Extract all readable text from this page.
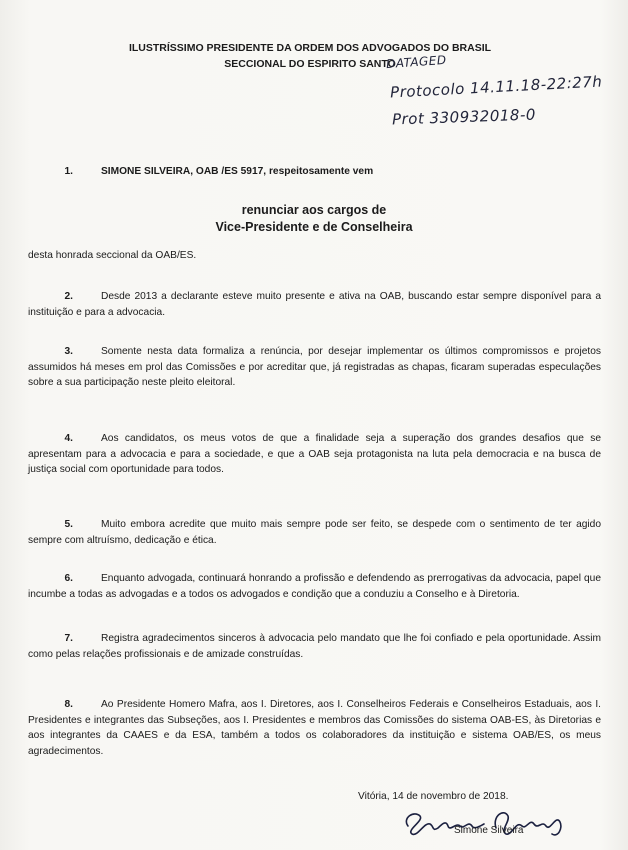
ILUSTRÍSSIMO PRESIDENTE DA ORDEM DOS ADVOGADOS DO BRASIL
SECCIONAL DO ESPIRITO SANTO
DATAGED
Protocolo 14.11.18-22:27h
Prot 330932018-0
1.	SIMONE SILVEIRA, OAB /ES 5917, respeitosamente vem
renunciar aos cargos de
Vice-Presidente e de Conselheira
desta honrada seccional da OAB/ES.
2.	Desde 2013 a declarante esteve muito presente e ativa na OAB, buscando estar sempre disponível para a instituição e para a advocacia.
3.	Somente nesta data formaliza a renúncia, por desejar implementar os últimos compromissos e projetos assumidos há meses em prol das Comissões e por acreditar que, já registradas as chapas, ficaram superadas especulações sobre a sua participação neste pleito eleitoral.
4.	Aos candidatos, os meus votos de que a finalidade seja a superação dos grandes desafios que se apresentam para a advocacia e para a sociedade, e que a OAB seja protagonista na luta pela democracia e na busca de justiça social com oportunidade para todos.
5.	Muito embora acredite que muito mais sempre pode ser feito, se despede com o sentimento de ter agido sempre com altruísmo, dedicação e ética.
6.	Enquanto advogada, continuará honrando a profissão e defendendo as prerrogativas da advocacia, papel que incumbe a todas as advogadas e a todos os advogados e condição que a conduziu a Conselho e à Diretoria.
7.	Registra agradecimentos sinceros à advocacia pelo mandato que lhe foi confiado e pela oportunidade. Assim como pelas relações profissionais e de amizade construídas.
8.	Ao Presidente Homero Mafra, aos I. Diretores, aos I. Conselheiros Federais e Conselheiros Estaduais, aos I. Presidentes e integrantes das Subseções, aos I. Presidentes e membros das Comissões do sistema OAB-ES, às Diretorias e aos integrantes da CAAES e da ESA, também a todos os colaboradores da instituição e sistema OAB/ES, os meus agradecimentos.
Vitória, 14 de novembro de 2018.
Simone Silveira
